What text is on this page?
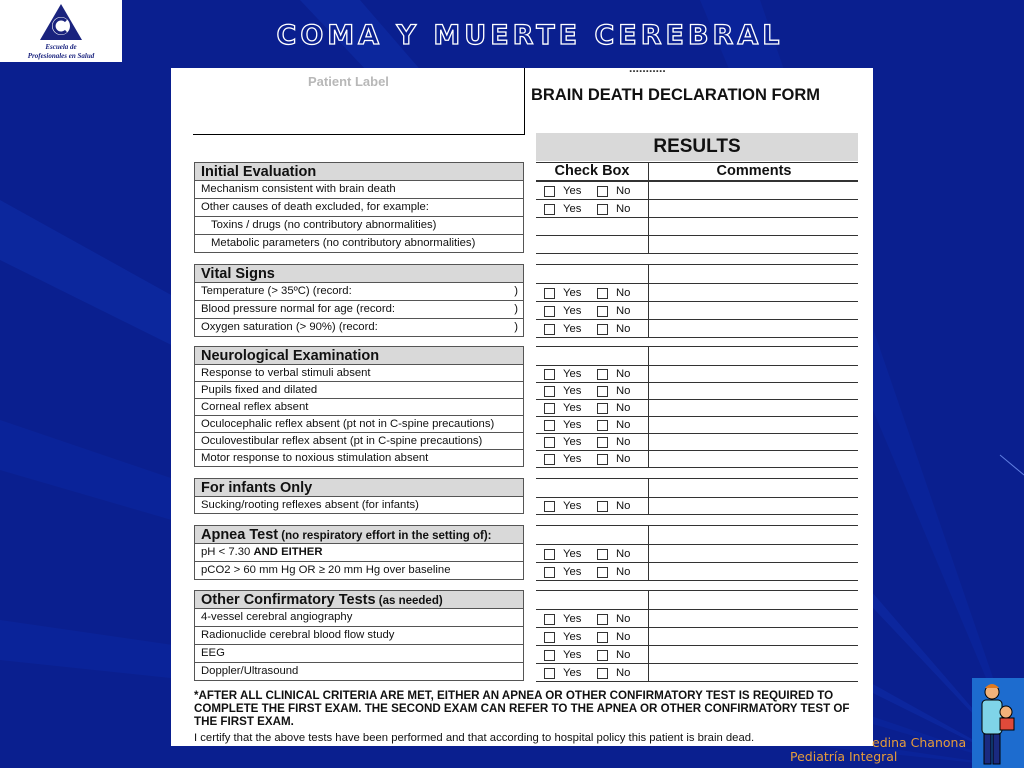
Escuela de
Profesionales en Salud
COMA Y MUERTE CEREBRAL
Patient Label
...........
BRAIN DEATH DECLARATION FORM
RESULTS
Check Box	Comments
*AFTER ALL CLINICAL CRITERIA ARE MET, EITHER AN APNEA OR OTHER CONFIRMATORY TEST IS REQUIRED TO COMPLETE THE FIRST EXAM. THE SECOND EXAM CAN REFER TO THE APNEA OR OTHER CONFIRMATORY TEST OF THE FIRST EXAM.
I certify that the above tests have been performed and that according to hospital policy this patient is brain dead.
Initial Evaluation
Mechanism consistent with brain death	Yes	No
Other causes of death excluded, for example:	Yes	No
Toxins / drugs (no contributory abnormalities)
Metabolic parameters (no contributory abnormalities)
Vital Signs
Temperature (> 35ºC) (record:	)	Yes	No
Blood pressure normal for age (record:	)	Yes	No
Oxygen saturation (> 90%) (record:	)	Yes	No
Neurological Examination
Response to verbal stimuli absent	Yes	No
Pupils fixed and dilated	Yes	No
Corneal reflex absent	Yes	No
Oculocephalic reflex absent (pt not in C-spine precautions)	Yes	No
Oculovestibular reflex absent (pt in C-spine precautions)	Yes	No
Motor response to noxious stimulation absent	Yes	No
For infants Only
Sucking/rooting reflexes absent (for infants)	Yes	No
Apnea Test (no respiratory effort in the setting of):
pH < 7.30 AND EITHER	Yes	No
pCO2 > 60 mm Hg OR ≥ 20 mm Hg over baseline	Yes	No
Other Confirmatory Tests (as needed)
4-vessel cerebral angiography	Yes	No
Radionuclide cerebral blood flow study	Yes	No
EEG	Yes	No
Doppler/Ultrasound	Yes	No
edina Chanona
Pediatría Integral
